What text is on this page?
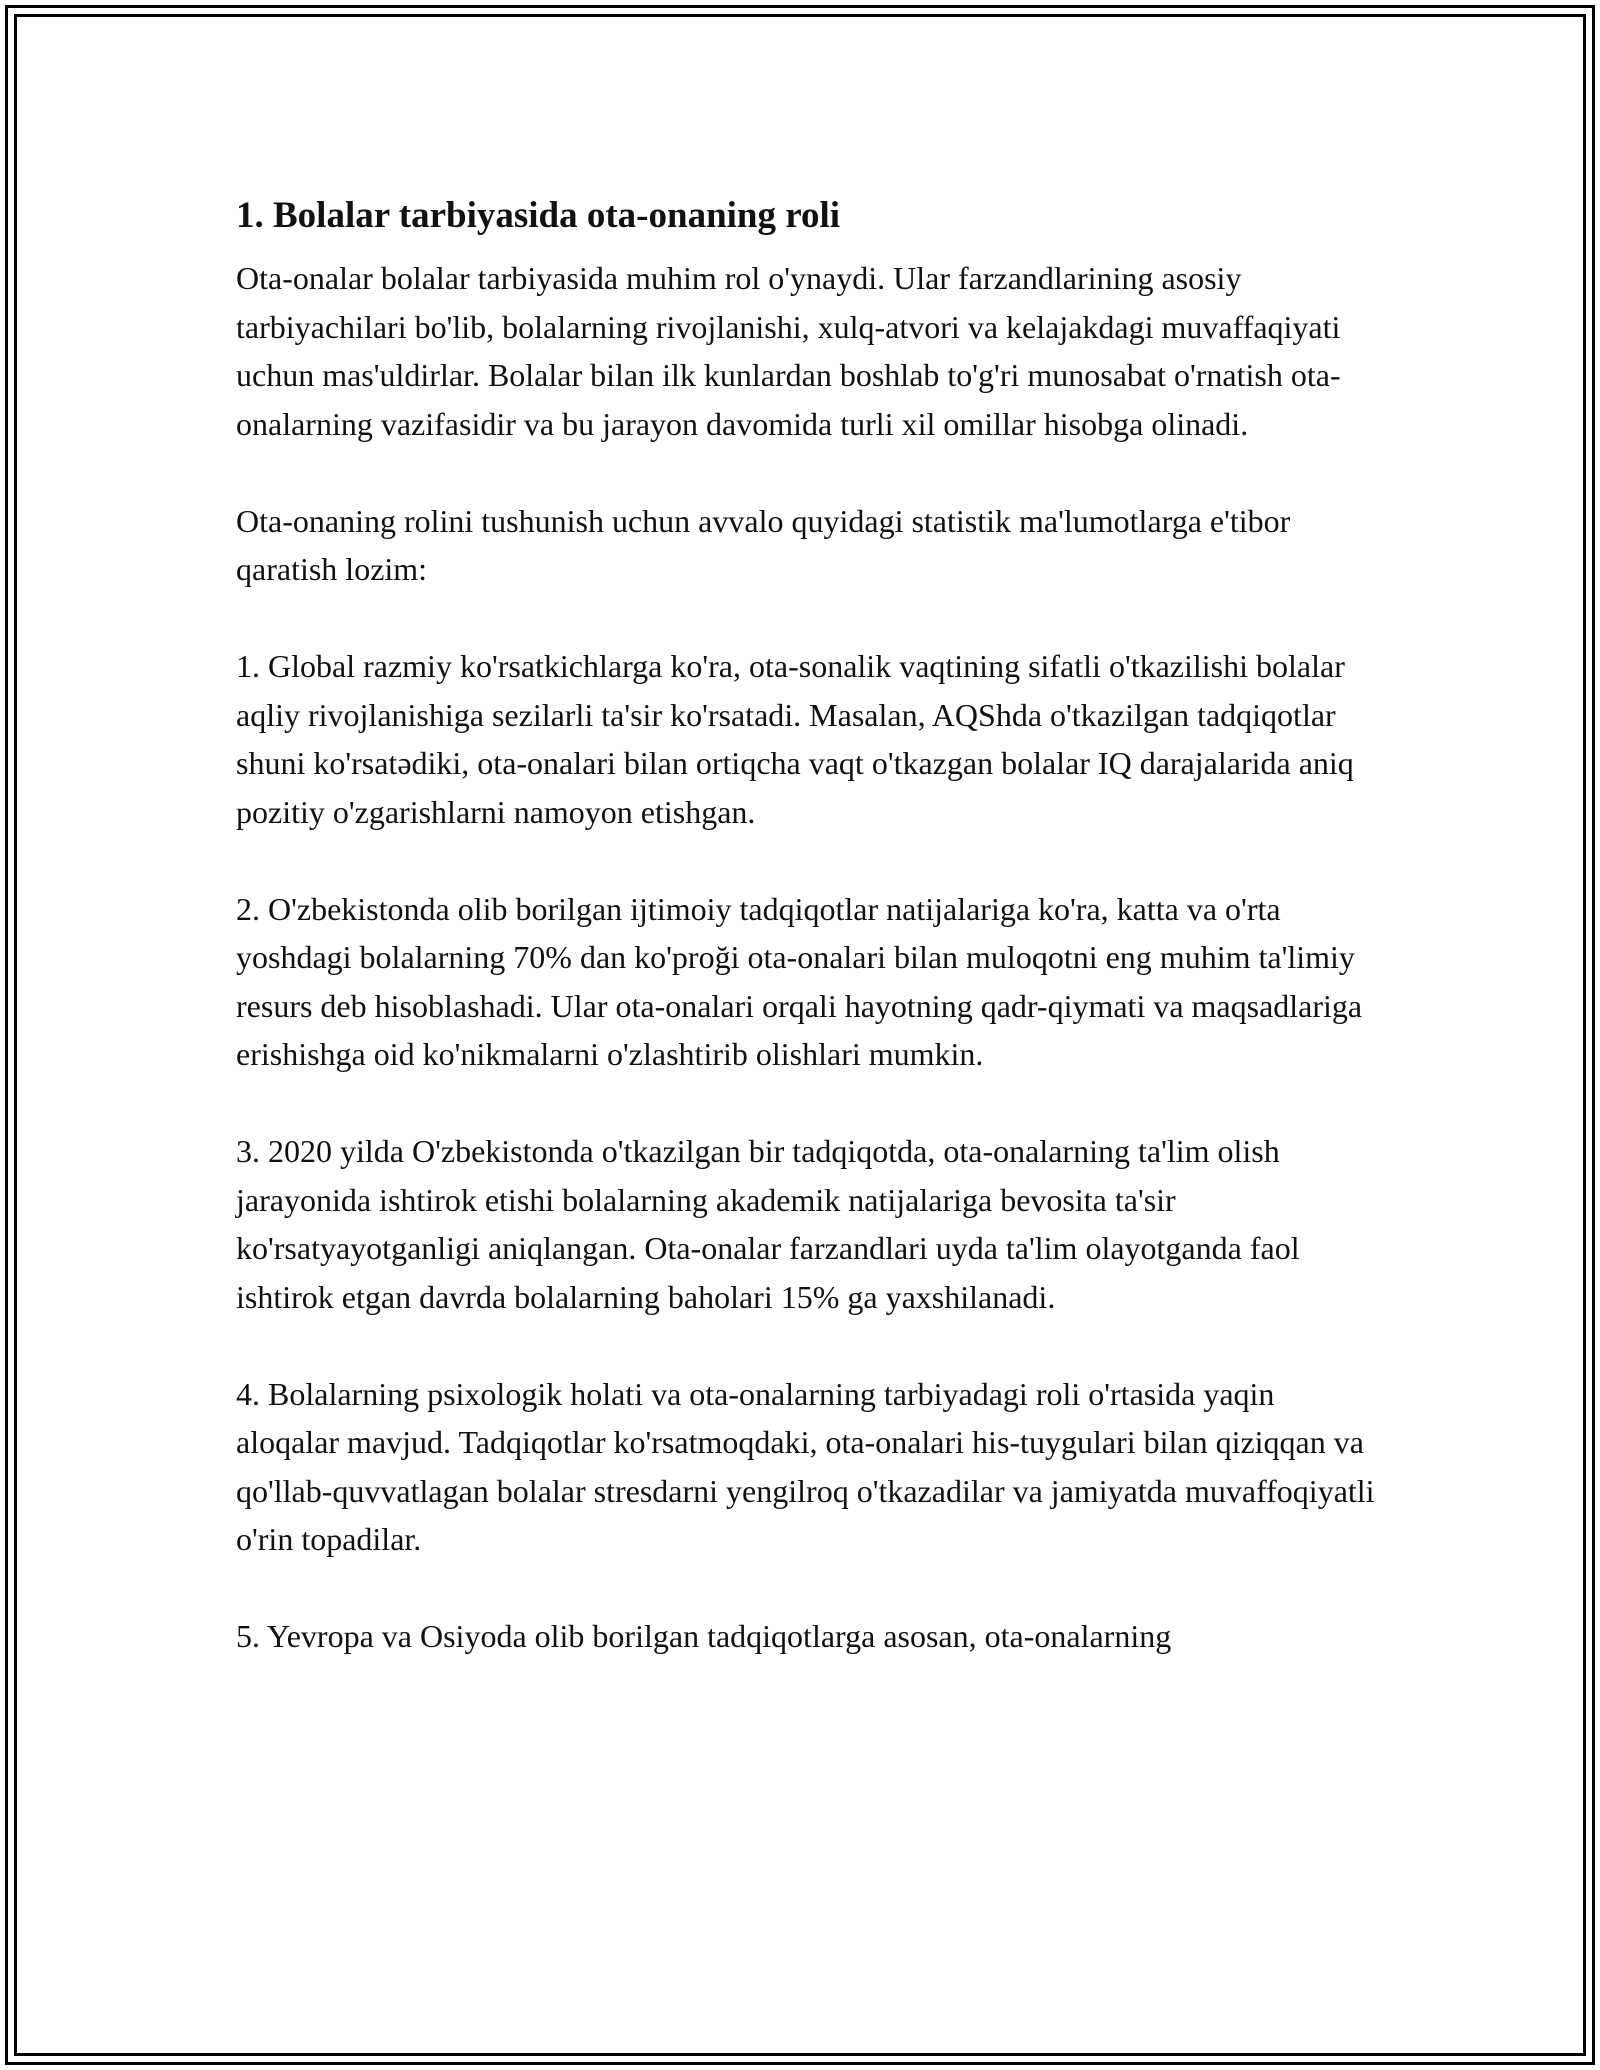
1. Bolalar tarbiyasida ota-onaning roli

Ota-onalar bolalar tarbiyasida muhim rol o'ynaydi. Ular farzandlarining asosiy tarbiyachilari bo'lib, bolalarning rivojlanishi, xulq-atvori va kelajakdagi muvaffaqiyati uchun mas'uldirlar. Bolalar bilan ilk kunlardan boshlab to'g'ri munosabat o'rnatish ota-onalarning vazifasidir va bu jarayon davomida turli xil omillar hisobga olinadi.

Ota-onaning rolini tushunish uchun avvalo quyidagi statistik ma'lumotlarga e'tibor qaratish lozim:

1. Global razmiy ko'rsatkichlarga ko'ra, ota-sonalik vaqtining sifatli o'tkazilishi bolalar aqliy rivojlanishiga sezilarli ta'sir ko'rsatadi. Masalan, AQShda o'tkazilgan tadqiqotlar shuni ko'rsatədiki, ota-onalari bilan ortiqcha vaqt o'tkazgan bolalar IQ darajalarida aniq pozitiy o'zgarishlarni namoyon etishgan.

2. O'zbekistonda olib borilgan ijtimoiy tadqiqotlar natijalariga ko'ra, katta va o'rta yoshdagi bolalarning 70% dan ko'proği ota-onalari bilan muloqotni eng muhim ta'limiy resurs deb hisoblashadi. Ular ota-onalari orqali hayotning qadr-qiymati va maqsadlariga erishishga oid ko'nikmalarni o'zlashtirib olishlari mumkin.

3. 2020 yilda O'zbekistonda o'tkazilgan bir tadqiqotda, ota-onalarning ta'lim olish jarayonida ishtirok etishi bolalarning akademik natijalariga bevosita ta'sir ko'rsatyayotganligi aniqlangan. Ota-onalar farzandlari uyda ta'lim olayotganda faol ishtirok etgan davrda bolalarning baholari 15% ga yaxshilanadi.

4. Bolalarning psixologik holati va ota-onalarning tarbiyadagi roli o'rtasida yaqin aloqalar mavjud. Tadqiqotlar ko'rsatmoqdaki, ota-onalari his-tuygulari bilan qiziqqan va qo'llab-quvvatlagan bolalar stresdarni yengilroq o'tkazadilar va jamiyatda muvaffoqiyatli o'rin topadilar.

5. Yevropa va Osiyoda olib borilgan tadqiqotlarga asosan, ota-onalarning
